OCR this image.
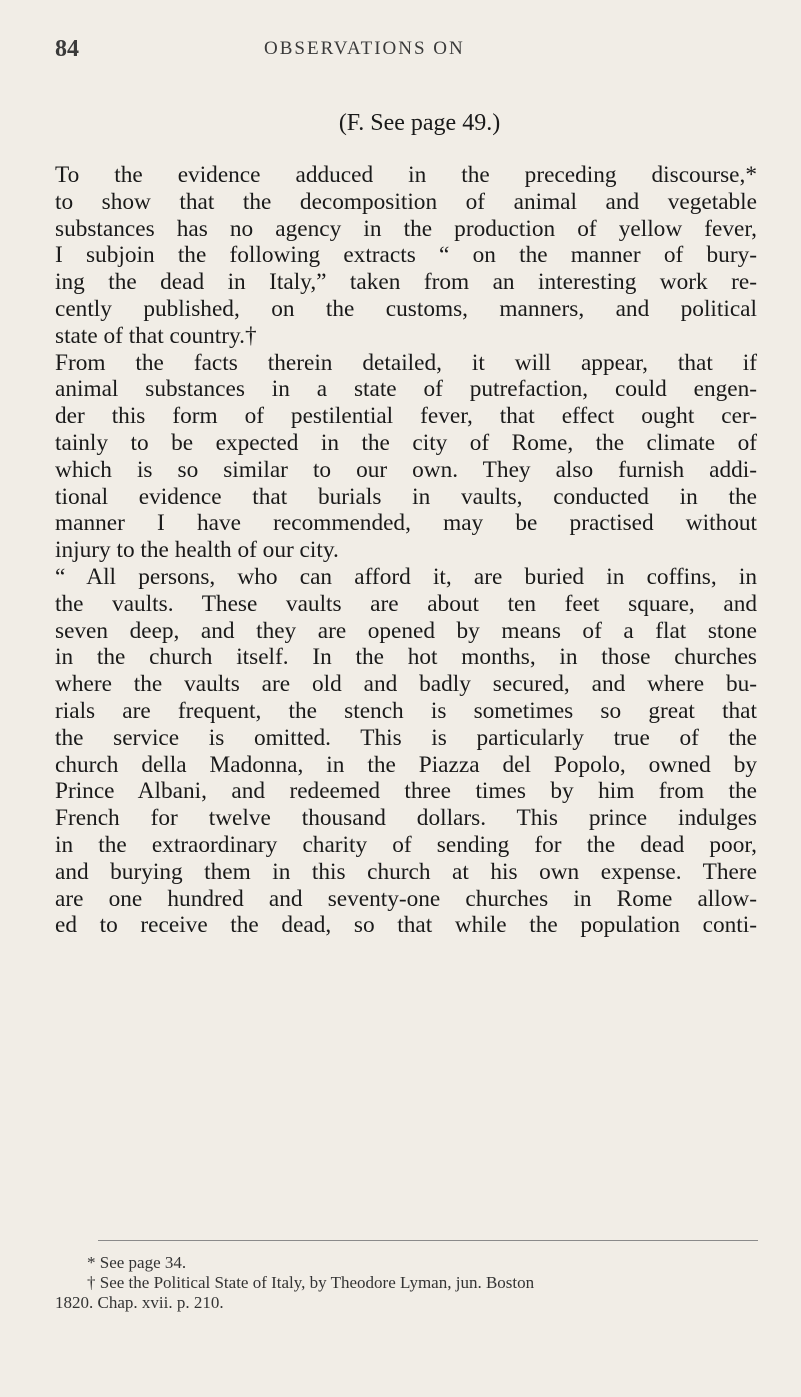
84	OBSERVATIONS ON
(F. See page 49.)
To the evidence adduced in the preceding discourse,*
to show that the decomposition of animal and vegetable
substances has no agency in the production of yellow fever,
I subjoin the following extracts “ on the manner of bury-
ing the dead in Italy,” taken from an interesting work re-
cently published, on the customs, manners, and political
state of that country.†
From the facts therein detailed, it will appear, that if
animal substances in a state of putrefaction, could engen-
der this form of pestilential fever, that effect ought cer-
tainly to be expected in the city of Rome, the climate of
which is so similar to our own. They also furnish addi-
tional evidence that burials in vaults, conducted in the
manner I have recommended, may be practised without
injury to the health of our city.
“ All persons, who can afford it, are buried in coffins, in
the vaults. These vaults are about ten feet square, and
seven deep, and they are opened by means of a flat stone
in the church itself. In the hot months, in those churches
where the vaults are old and badly secured, and where bu-
rials are frequent, the stench is sometimes so great that
the service is omitted. This is particularly true of the
church della Madonna, in the Piazza del Popolo, owned by
Prince Albani, and redeemed three times by him from the
French for twelve thousand dollars. This prince indulges
in the extraordinary charity of sending for the dead poor,
and burying them in this church at his own expense. There
are one hundred and seventy-one churches in Rome allow-
ed to receive the dead, so that while the population conti-
* See page 34.
† See the Political State of Italy, by Theodore Lyman, jun. Boston
1820. Chap. xvii. p. 210.
